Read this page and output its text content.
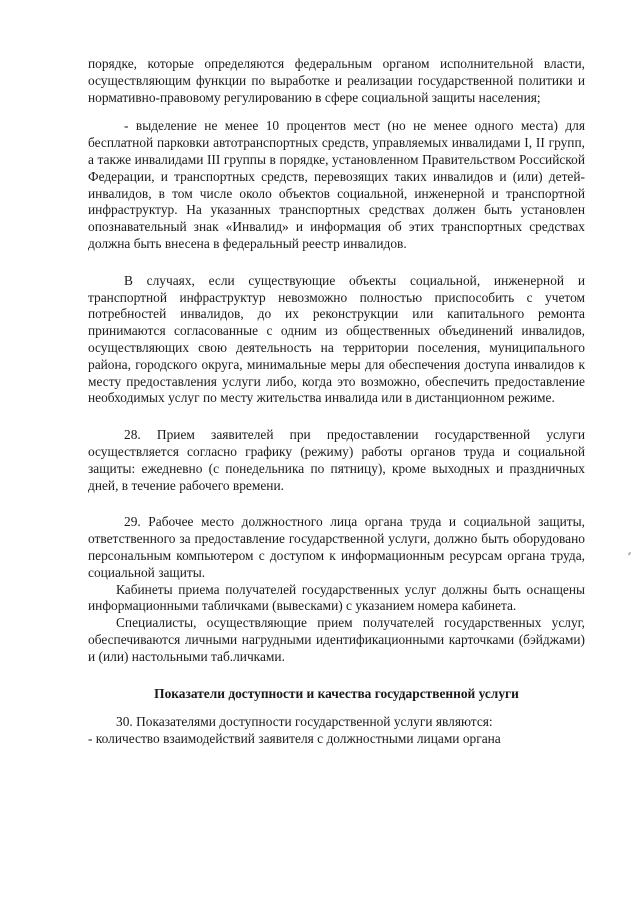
порядке, которые определяются федеральным органом исполнительной власти, осуществляющим функции по выработке и реализации государственной политики и нормативно-правовому регулированию в сфере социальной защиты населения;

- выделение не менее 10 процентов мест (но не менее одного места) для бесплатной парковки автотранспортных средств, управляемых инвалидами I, II групп, а также инвалидами III группы в порядке, установленном Правительством Российской Федерации, и транспортных средств, перевозящих таких инвалидов и (или) детей-инвалидов, в том числе около объектов социальной, инженерной и транспортной инфраструктур. На указанных транспортных средствах должен быть установлен опознавательный знак «Инвалид» и информация об этих транспортных средствах должна быть внесена в федеральный реестр инвалидов.

В случаях, если существующие объекты социальной, инженерной и транспортной инфраструктур невозможно полностью приспособить с учетом потребностей инвалидов, до их реконструкции или капитального ремонта принимаются согласованные с одним из общественных объединений инвалидов, осуществляющих свою деятельность на территории поселения, муниципального района, городского округа, минимальные меры для обеспечения доступа инвалидов к месту предоставления услуги либо, когда это возможно, обеспечить предоставление необходимых услуг по месту жительства инвалида или в дистанционном режиме.

28. Прием заявителей при предоставлении государственной услуги осуществляется согласно графику (режиму) работы органов труда и социальной защиты: ежедневно (с понедельника по пятницу), кроме выходных и праздничных дней, в течение рабочего времени.

29. Рабочее место должностного лица органа труда и социальной защиты, ответственного за предоставление государственной услуги, должно быть оборудовано персональным компьютером с доступом к информационным ресурсам органа труда, социальной защиты.

Кабинеты приема получателей государственных услуг должны быть оснащены информационными табличками (вывесками) с указанием номера кабинета.

Специалисты, осуществляющие прием получателей государственных услуг, обеспечиваются личными нагрудными идентификационными карточками (бэйджами) и (или) настольными таб.личками.

Показатели доступности и качества государственной услуги

30. Показателями доступности государственной услуги являются:

- количество взаимодействий заявителя с должностными лицами органа

⸗
